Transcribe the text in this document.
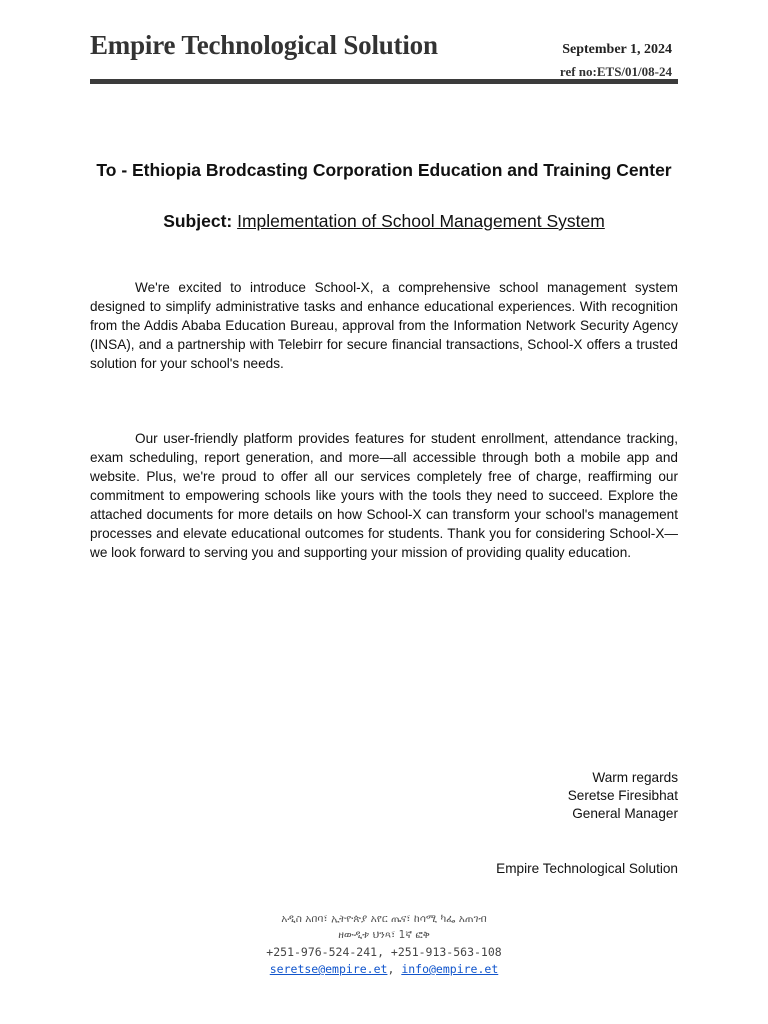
Empire Technological Solution	September 1, 2024
ref no:ETS/01/08-24
To - Ethiopia Brodcasting Corporation Education and Training Center
Subject: Implementation of School Management System

We're excited to introduce School-X, a comprehensive school management system designed to simplify administrative tasks and enhance educational experiences. With recognition from the Addis Ababa Education Bureau, approval from the Information Network Security Agency (INSA), and a partnership with Telebirr for secure financial transactions, School-X offers a trusted solution for your school's needs.

Our user-friendly platform provides features for student enrollment, attendance tracking, exam scheduling, report generation, and more—all accessible through both a mobile app and website. Plus, we're proud to offer all our services completely free of charge, reaffirming our commitment to empowering schools like yours with the tools they need to succeed. Explore the attached documents for more details on how School-X can transform your school's management processes and elevate educational outcomes for students. Thank you for considering School-X—we look forward to serving you and supporting your mission of providing quality education.

Warm regards
Seretse Firesibhat
General Manager
Empire Technological Solution
አዲስ አበባ፣ ኢትዮጵያ አየር ጤና፣ ከሳሚ ካፌ አጠገብ
ዘውዲቱ ህንጻ፣ 1ኛ ፎቅ
+251-976-524-241, +251-913-563-108
seretse@empire.et, info@empire.et
